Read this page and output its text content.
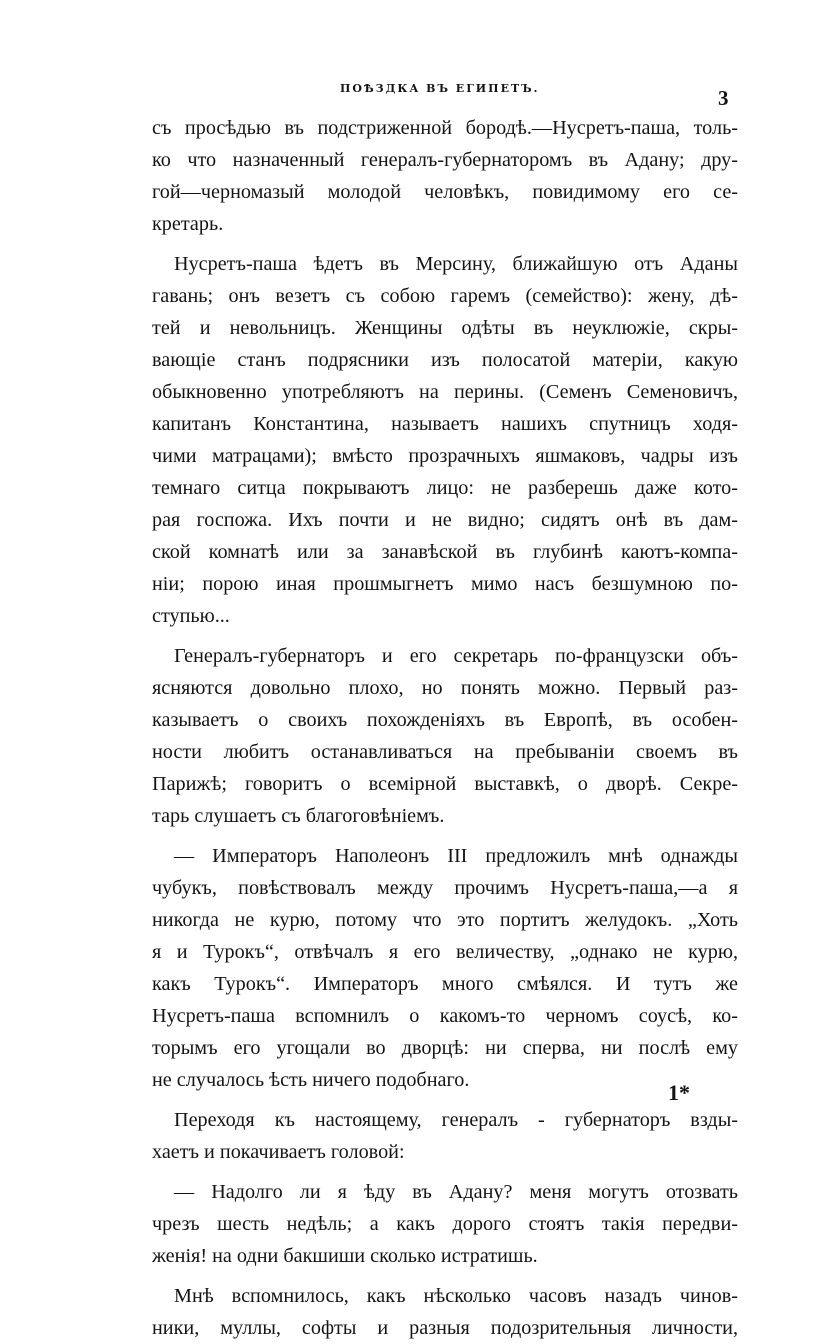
ПОѢЗДКА ВЪ ЕГИПЕТЪ.	3
съ просѣдью въ подстриженной бородѣ.—Нусретъ-паша, толь-
ко что назначенный генералъ-губернаторомъ въ Адану; дру-
гой—черномазый молодой человѣкъ, повидимому его се-
кретарь.
Нусретъ-паша ѣдетъ въ Мерсину, ближайшую отъ Аданы
гавань; онъ везетъ съ собою гаремъ (семейство): жену, дѣ-
тей и невольницъ. Женщины одѣты въ неуклюжіе, скры-
вающіе станъ подрясники изъ полосатой матеріи, какую
обыкновенно употребляютъ на перины. (Семенъ Семеновичъ,
капитанъ Константина, называетъ нашихъ спутницъ ходя-
чими матрацами); вмѣсто прозрачныхъ яшмаковъ, чадры изъ
темнаго ситца покрываютъ лицо: не разберешь даже кото-
рая госпожа. Ихъ почти и не видно; сидятъ онѣ въ дам-
ской комнатѣ или за занавѣской въ глубинѣ каютъ-компа-
ніи; порою иная прошмыгнетъ мимо насъ безшумною по-
ступью...
Генералъ-губернаторъ и его секретарь по-французски объ-
ясняются довольно плохо, но понять можно. Первый раз-
казываетъ о своихъ похожденіяхъ въ Европѣ, въ особен-
ности любитъ останавливаться на пребываніи своемъ въ
Парижѣ; говоритъ о всемірной выставкѣ, о дворѣ. Секре-
тарь слушаетъ съ благоговѣніемъ.
— Императоръ Наполеонъ III предложилъ мнѣ однажды
чубукъ, повѣствовалъ между прочимъ Нусретъ-паша,—а я
никогда не курю, потому что это портитъ желудокъ. „Хоть
я и Турокъ“, отвѣчалъ я его величеству, „однако не курю,
какъ Турокъ“. Императоръ много смѣялся. И тутъ же
Нусретъ-паша вспомнилъ о какомъ-то черномъ соусѣ, ко-
торымъ его угощали во дворцѣ: ни сперва, ни послѣ ему
не случалось ѣсть ничего подобнаго.
Переходя къ настоящему, генералъ - губернаторъ взды-
хаетъ и покачиваетъ головой:
— Надолго ли я ѣду въ Адану? меня могутъ отозвать
чрезъ шесть недѣль; а какъ дорого стоятъ такія передви-
женія! на одни бакшиши сколько истратишь.
Мнѣ вспомнилось, какъ нѣсколько часовъ назадъ чинов-
ники, муллы, софты и разныя подозрительныя личности,
1*
